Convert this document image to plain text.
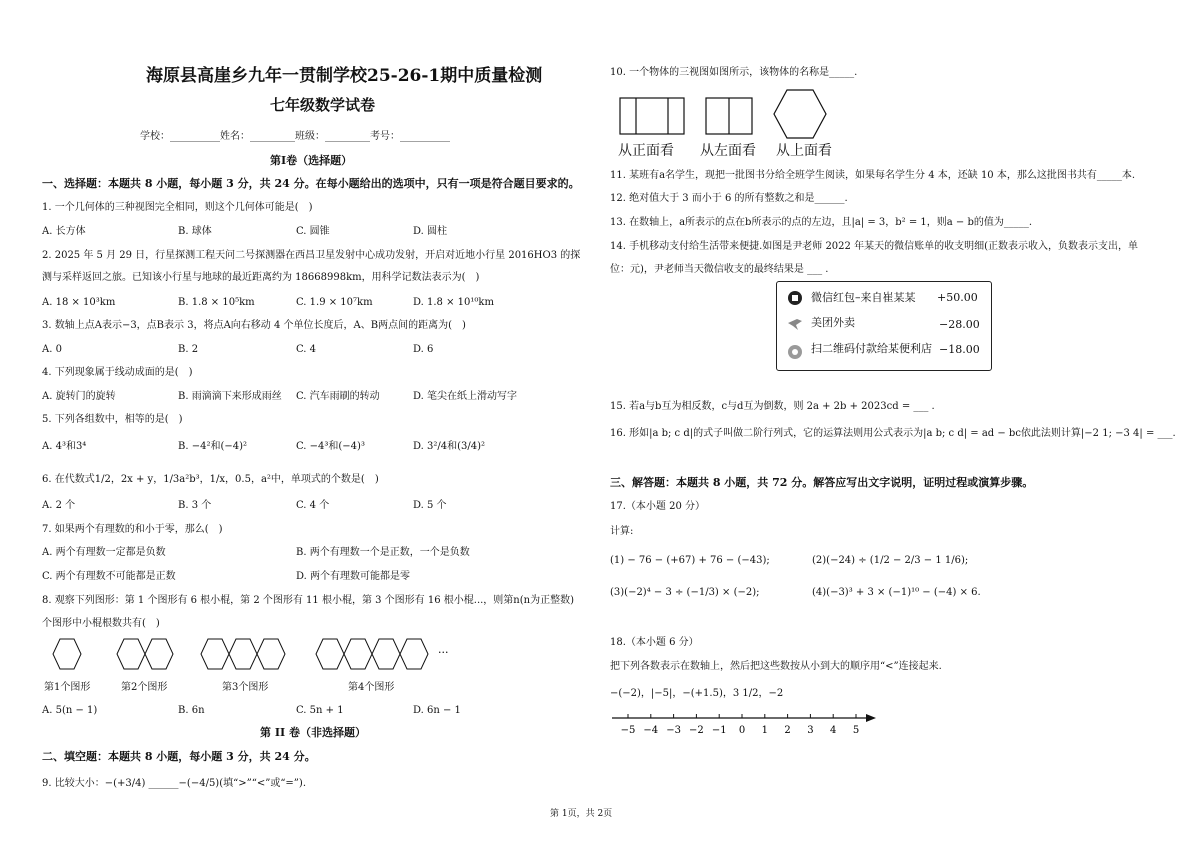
海原县高崖乡九年一贯制学校25-26-1期中质量检测
七年级数学试卷
学校：__________姓名：_________班级：_________考号：__________
第Ⅰ卷（选择题）
一、选择题：本题共 8 小题，每小题 3 分，共 24 分。在每小题给出的选项中，只有一项是符合题目要求的。
1. 一个几何体的三种视图完全相同，则这个几何体可能是(　)
A. 长方体	B. 球体	C. 圆锥	D. 圆柱
2. 2025 年 5 月 29 日，行星探测工程天问二号探测器在西昌卫星发射中心成功发射，开启对近地小行星 2016HO3 的探
测与采样返回之旅。已知该小行星与地球的最近距离约为 18668998km，用科学记数法表示为(　)
A. 18 × 10³km	B. 1.8 × 10⁵km	C. 1.9 × 10⁷km	D. 1.8 × 10¹⁰km
3. 数轴上点A表示−3，点B表示 3，将点A向右移动 4 个单位长度后，A、B两点间的距离为(　)
A. 0	B. 2	C. 4	D. 6
4. 下列现象属于线动成面的是(　)
A. 旋转门的旋转	B. 雨滴滴下来形成雨丝 C. 汽车雨刷的转动	D. 笔尖在纸上滑动写字
5. 下列各组数中，相等的是(　)
A. 4³和3⁴	B. −4²和(−4)²	C. −4³和(−4)³	D. 3²/4和(3/4)²
6. 在代数式1/2，2x + y，1/3a²b³，1/x，0.5，a²中，单项式的个数是(　)
A. 2 个	B. 3 个	C. 4 个	D. 5 个
7. 如果两个有理数的和小于零，那么(　)
A. 两个有理数一定都是负数	B. 两个有理数一个是正数，一个是负数
C. 两个有理数不可能都是正数	D. 两个有理数可能都是零
8. 观察下列图形：第 1 个图形有 6 根小棍，第 2 个图形有 11 根小棍，第 3 个图形有 16 根小棍...，则第n(n为正整数)
个图形中小棍根数共有(　)
···
第1个图形	第2个图形	第3个图形	第4个图形
A. 5(n − 1)	B. 6n	C. 5n + 1	D. 6n − 1
第 II 卷（非选择题）
二、填空题：本题共 8 小题，每小题 3 分，共 24 分。
9. 比较大小：−(+3/4) ______−(−4/5)(填“>”“<”或“=”).
10. 一个物体的三视图如图所示，该物体的名称是_____.
从正面看 从左面看 从上面看
11. 某班有a名学生，现把一批图书分给全班学生阅读，如果每名学生分 4 本，还缺 10 本，那么这批图书共有_____本.
12. 绝对值大于 3 而小于 6 的所有整数之和是______.
13. 在数轴上，a所表示的点在b所表示的点的左边，且|a| = 3，b² = 1，则a − b的值为_____.
14. 手机移动支付给生活带来便捷.如图是尹老师 2022 年某天的微信账单的收支明细(正数表示收入，负数表示支出，单
位：元)，尹老师当天微信收支的最终结果是 ___ .
微信红包–来自崔某某 +50.00
美团外卖	−28.00
扫二维码付款给某便利店 −18.00
15. 若a与b互为相反数，c与d互为倒数，则 2a + 2b + 2023cd = ___ .
16. 形如|a b; c d|的式子叫做二阶行列式，它的运算法则用公式表示为|a b; c d| = ad − bc依此法则计算|−2 1; −3 4| = ___.
三、解答题：本题共 8 小题，共 72 分。解答应写出文字说明，证明过程或演算步骤。
17.（本小题 20 分）
计算:
(1) − 76 − (+67) + 76 − (−43);	(2)(−24) ÷ (1/2 − 2/3 − 1 1/6);
(3)(−2)⁴ − 3 ÷ (−1/3) × (−2);	(4)(−3)³ + 3 × (−1)¹⁰ − (−4) × 6.
18.（本小题 6 分）
把下列各数表示在数轴上，然后把这些数按从小到大的顺序用“<”连接起来.
−(−2)，|−5|，−(+1.5)，3 1/2，−2
−5 −4 −3 −2 −1 0 1 2 3 4 5
第 1页，共 2页
